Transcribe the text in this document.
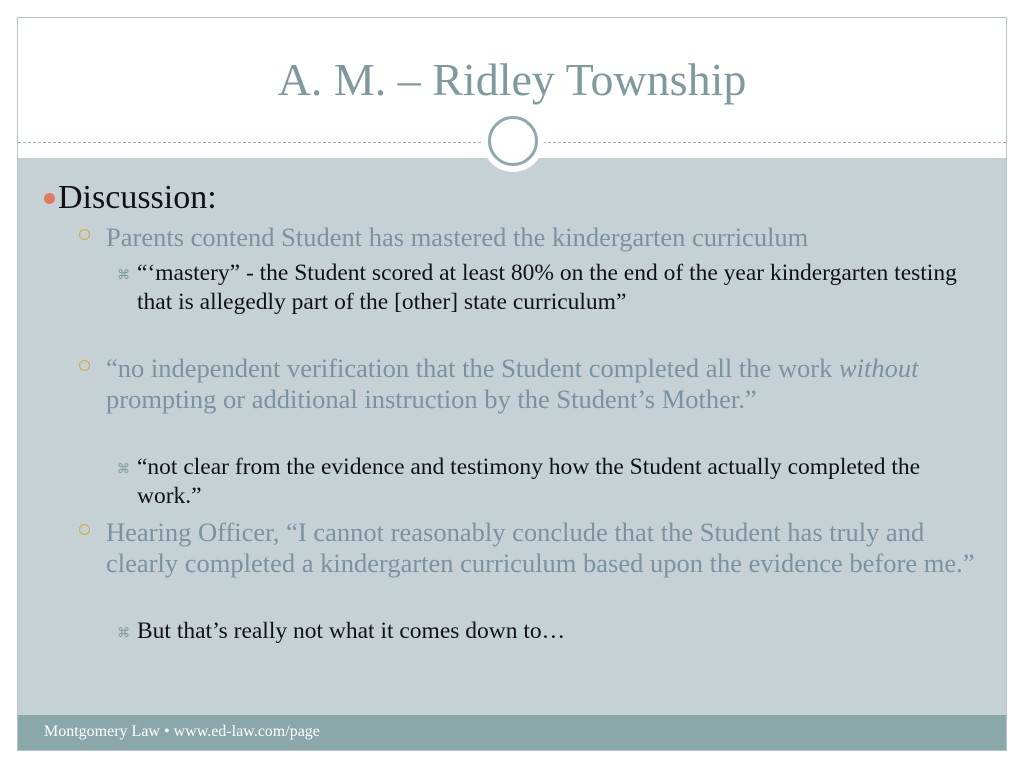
A. M. – Ridley Township
Discussion:
Parents contend Student has mastered the kindergarten curriculum
⌘ “‘mastery” - the Student scored at least 80% on the end of the year kindergarten testing that is allegedly part of the [other] state curriculum”
“no independent verification that the Student completed all the work without prompting or additional instruction by the Student’s Mother.”
⌘ “not clear from the evidence and testimony how the Student actually completed the work.”
Hearing Officer, “I cannot reasonably conclude that the Student has truly and clearly completed a kindergarten curriculum based upon the evidence before me.”
⌘ But that’s really not what it comes down to…
Montgomery Law • www.ed-law.com/page
